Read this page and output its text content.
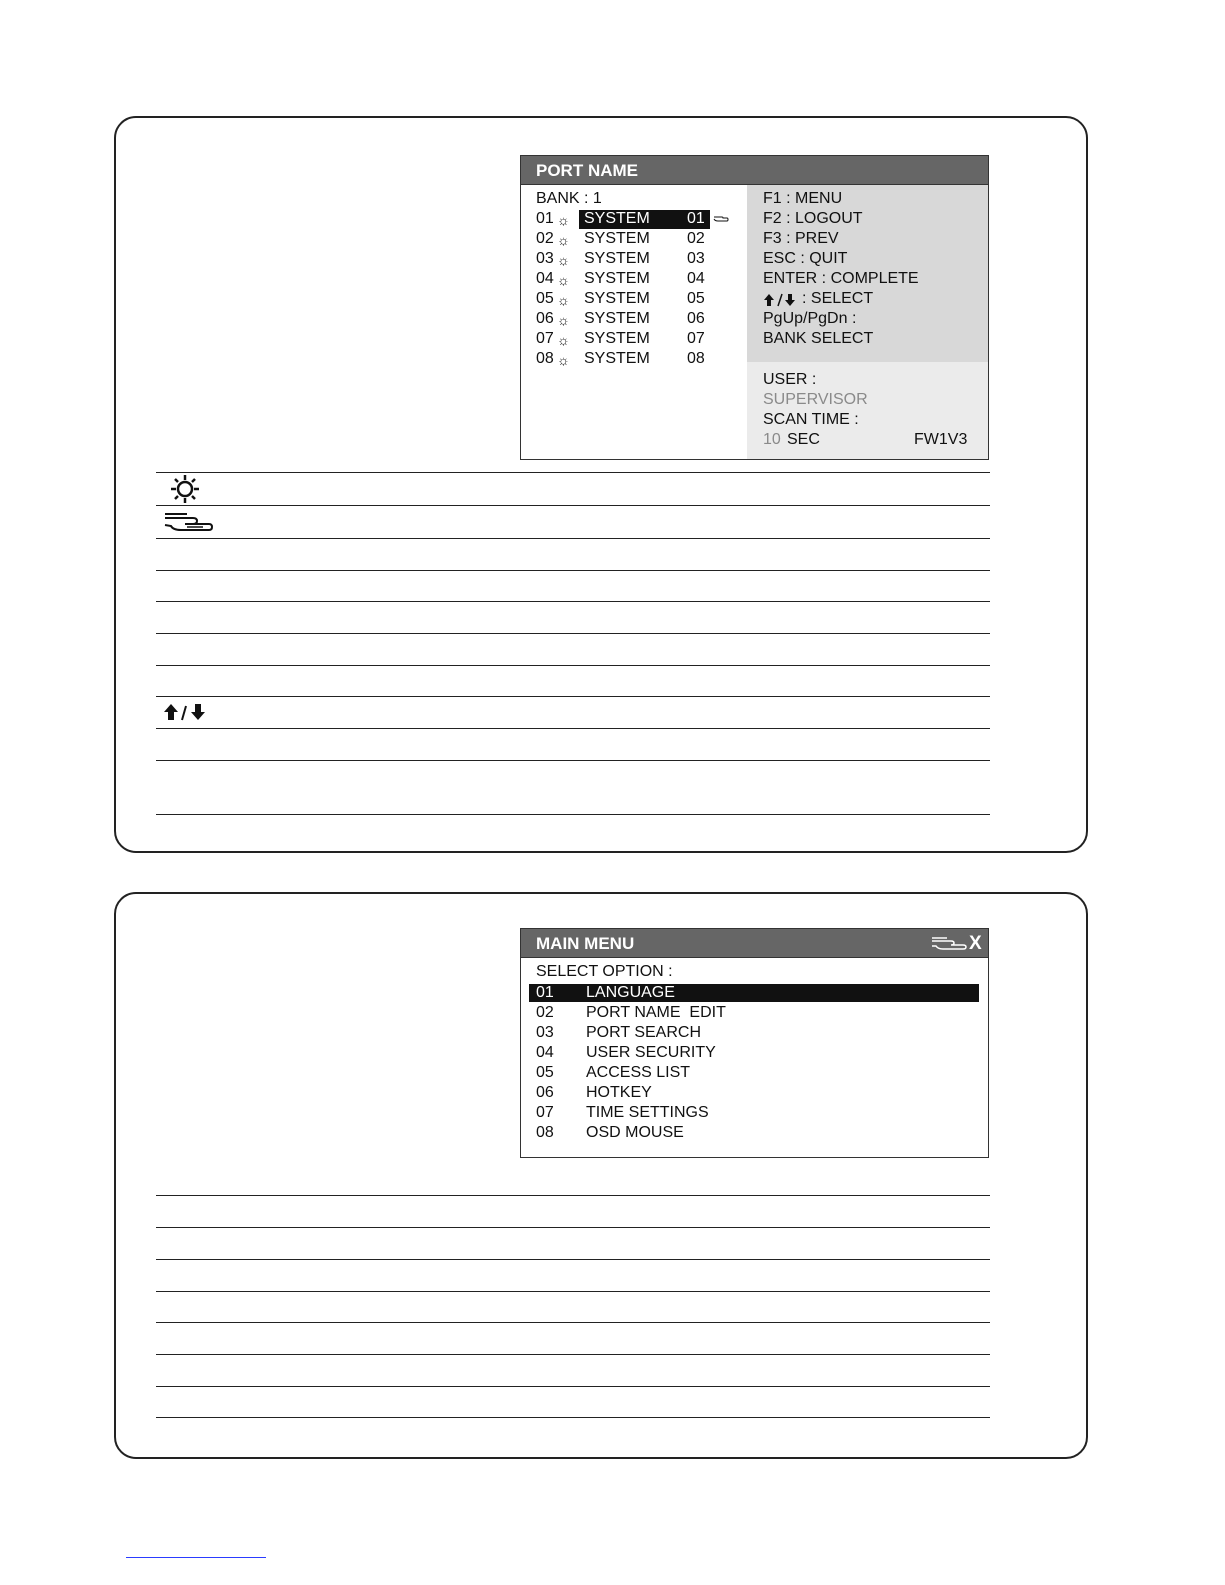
PORT NAME
BANK : 1
01 ☼ SYSTEM 01
02 ☼ SYSTEM 02
03 ☼ SYSTEM 03
04 ☼ SYSTEM 04
05 ☼ SYSTEM 05
06 ☼ SYSTEM 06
07 ☼ SYSTEM 07
08 ☼ SYSTEM 08
F1 : MENU
F2 : LOGOUT
F3 : PREV
ESC : QUIT
ENTER : COMPLETE
: SELECT
PgUp/PgDn :
BANK SELECT
USER :
SUPERVISOR
SCAN TIME :
10 SEC	FW1V3
MAIN MENU	X
SELECT OPTION :
01 LANGUAGE
02 PORT NAME  EDIT
03 PORT SEARCH
04 USER SECURITY
05 ACCESS LIST
06 HOTKEY
07 TIME SETTINGS
08 OSD MOUSE
